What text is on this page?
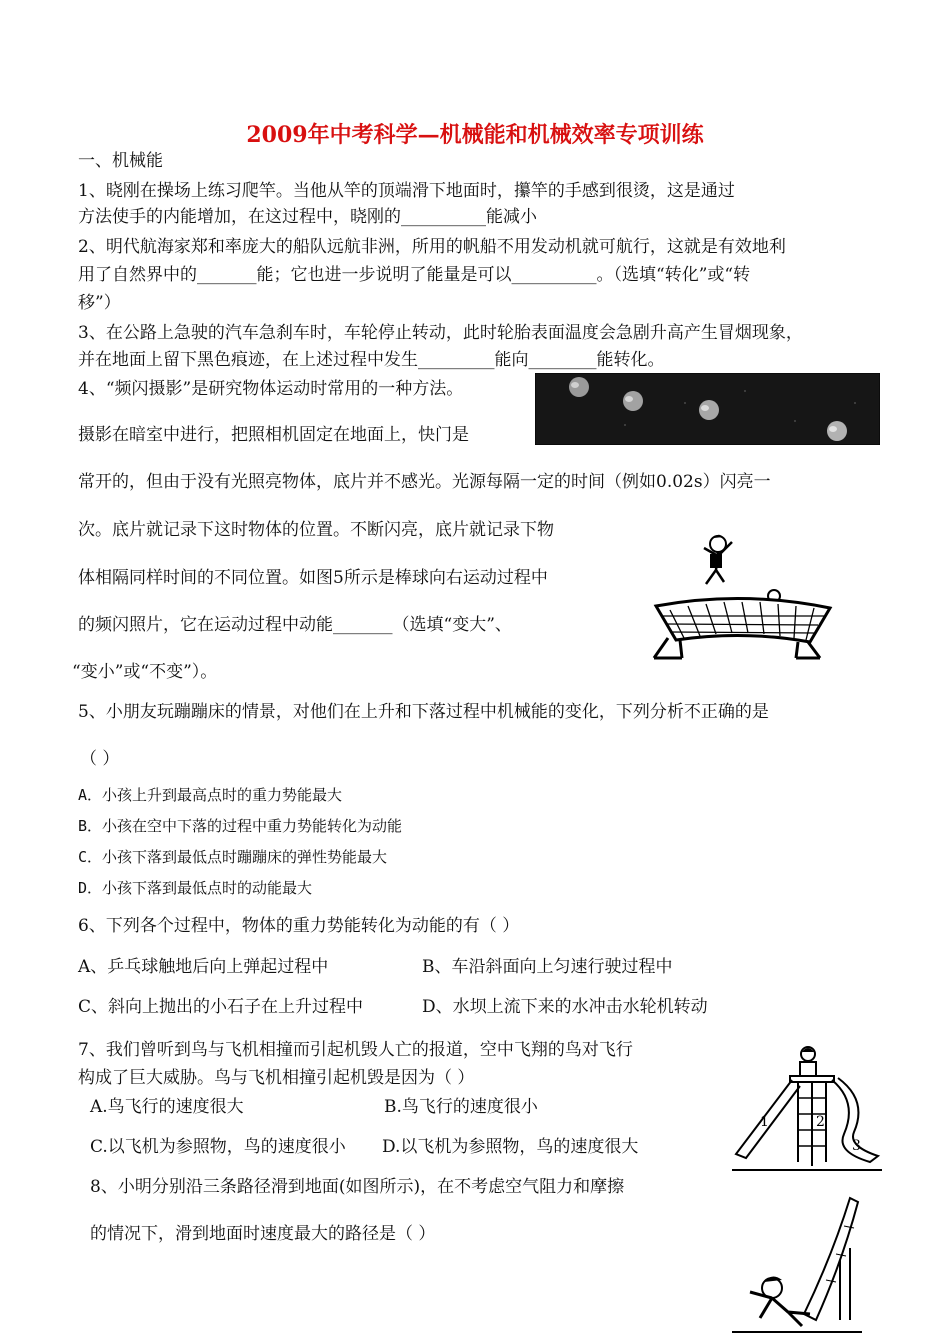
2009年中考科学—机械能和机械效率专项训练
一、机械能
1、晓刚在操场上练习爬竿。当他从竿的顶端滑下地面时，攥竿的手感到很烫，这是通过
方法使手的内能增加，在这过程中，晓刚的__________能减小
2、明代航海家郑和率庞大的船队远航非洲，所用的帆船不用发动机就可航行，这就是有效地利
用了自然界中的_______能；它也进一步说明了能量是可以__________。（选填“转化”或“转
移”）
3、在公路上急驶的汽车急刹车时，车轮停止转动，此时轮胎表面温度会急剧升高产生冒烟现象，
并在地面上留下黑色痕迹，在上述过程中发生_________能向________能转化。
4、“频闪摄影”是研究物体运动时常用的一种方法。
摄影在暗室中进行，把照相机固定在地面上，快门是
常开的，但由于没有光照亮物体，底片并不感光。光源每隔一定的时间（例如0.02s）闪亮一
次。底片就记录下这时物体的位置。不断闪亮，底片就记录下物
体相隔同样时间的不同位置。如图5所示是棒球向右运动过程中
的频闪照片，它在运动过程中动能_______（选填“变大”、
“变小”或“不变”）。
5、小朋友玩蹦蹦床的情景，对他们在上升和下落过程中机械能的变化，下列分析不正确的是
（ ）
A．小孩上升到最高点时的重力势能最大
B．小孩在空中下落的过程中重力势能转化为动能
C．小孩下落到最低点时蹦蹦床的弹性势能最大
D．小孩下落到最低点时的动能最大
6、下列各个过程中，物体的重力势能转化为动能的有（ ）
A、乒乓球触地后向上弹起过程中	B、车沿斜面向上匀速行驶过程中
C、斜向上抛出的小石子在上升过程中	D、水坝上流下来的水冲击水轮机转动
7、我们曾听到鸟与飞机相撞而引起机毁人亡的报道，空中飞翔的鸟对飞行
构成了巨大威胁。鸟与飞机相撞引起机毁是因为（ ）
A.鸟飞行的速度很大	B.鸟飞行的速度很小
C.以飞机为参照物，鸟的速度很小 D.以飞机为参照物，鸟的速度很大
8、小明分别沿三条路径滑到地面(如图所示)，在不考虑空气阻力和摩擦
的情况下，滑到地面时速度最大的路径是（ ）
1	2
3
